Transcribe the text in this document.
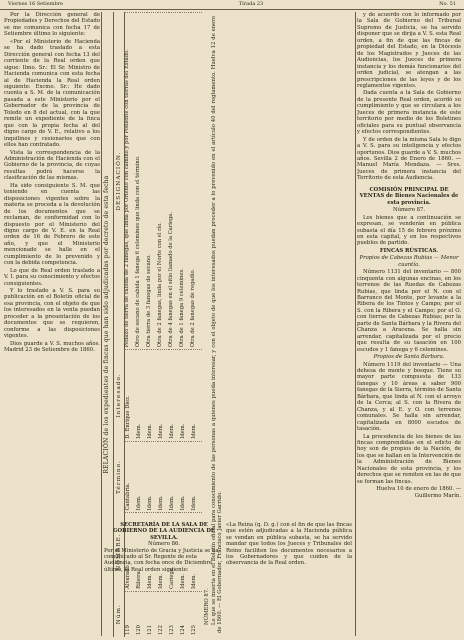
Viernes 16 Setiembre	Tirada 23	No. 51

Por la Dirección general de Propiedades y Derechos del Estado se me comunica con fecha 17 de Setiembre último lo siguiente:

«Por el Ministerio de Hacienda se ha dado traslado a esta Dirección general con fecha 13 del corriente de la Real orden que sigue: Ilmo. Sr.: El Sr. Ministro de Hacienda comunica con esta fecha al de Hacienda la Real orden siguiente: Excmo. Sr.: He dado cuenta a S. M. de la comunicación pasada a este Ministerio por el Gobernador de la provincia de Toledo en 8 del actual, con la que remite un expediente de la finca que con la propia fecha al del digno cargo de V. E., relativo a los inquilinos y cesionarios que con ellos han contratado.

Vista la correspondencia de la Administración de Hacienda con el Gobierno de la provincia, de cuyas resultas podrá hacerse la clasificación de las mismas.

Ha sido consiguiente S. M. que teniendo en cuenta las disposiciones vigentes sobre la materia se proceda a la devolución de los documentos que se reclaman, de conformidad con lo dispuesto por el Ministerio del digno cargo de V. E. en la Real orden de 16 de Febrero de este año, y que el Ministerio mencionado se halle en el cumplimiento de lo prevenido y con la debida competencia.

Lo que de Real orden traslado a V. I. para su conocimiento y efectos consiguientes.

Y lo traslado a V. S. para su publicación en el Boletín oficial de esa provincia, con el objeto de que los interesados en la venta puedan proceder a la presentación de los documentos que se requieren, conforme a las disposiciones vigentes.

Dios guarde a V. S. muchos años. Madrid 23 de Setiembre de 1860.	RELACIÓN de los expedientes de fincas que han sido adjudicadas por decreto de esta fecha
Núm.	NOMBRE.	Término.	Interesado.	DESIGNACIÓN.
119	Alvarado.	Cantabria.	D. Enrique Díez.	Pedazo de tierra de cabida de 2 fanegas, que linda por Oriente con camino y por Poniente con tierras del Estado.
120	Ribera.	Idem.	Idem.	Otro de secano de cabida 1 fanega 6 celemines que linda con el término.
121	Idem.	Idem.	Idem.	Otra tierra de 3 fanegas de secano.
122	Idem.	Idem.	Idem.	Otra de 2 fanegas, linda por el Norte con el río.
123	Cariega.	Idem.	Idem.	Otra de 4 fanegas en el sitio llamado de la Cariega.
124	Idem.	Idem.	Idem.	Otra de 1 fanega 9 celemines.
125	Idem.	Idem.	Idem.	Otra de 2 fanegas de regadío.

NÚMERO 87. Lo que se inserta en el Boletín oficial para conocimiento de las personas a quienes pueda interesar, y con el objeto de que los interesados puedan proceder a lo prevenido en el artículo 40 del reglamento. Huelva 12 de enero de 1860. — El Gobernador, Francisco Javier Garrido.

SECRETARÍA DE LA SALA DE GOBIERNO DE LA AUDIENCIA DE SEVILLA.

Número 86.

Por el Ministerio de Gracia y Justicia se ha comunicado al Sr. Regente de esta Audiencia, con fecha once de Diciembre último, la Real orden siguiente:

«La Reina (q. D. g.) con el fin de que las fincas que estén adjudicadas a la Hacienda pública se vendan en pública subasta, se ha servido mandar que todos los Jueces y Tribunales del Reino faciliten los documentos necesarios a los Gobernadores y que cuiden de la observancia de la Real orden.

y de acuerdo con lo informado por la Sala de Gobierno del Tribunal Supremo de Justicia, se ha servido disponer que se dirija a V. S. esta Real orden, a fin de que las fincas de propiedad del Estado, en la Diócesis de los Magistrados y Jueces de las Audiencias, los Jueces de primera instancia y los demás funcionarios del orden judicial, se atengan a las prescripciones de las leyes y de los reglamentos vigentes.

Dada cuenta a la Sala de Gobierno de la presente Real orden, acordó su cumplimiento y que se circulara a los Jueces de primera instancia de este territorio por medio de los Boletines oficiales para su puntual observancia y efectos correspondientes.

Y de orden de la misma Sala lo digo a V. S. para su inteligencia y efectos oportunos. Dios guarde a V. S. muchos años. Sevilla 2 de Enero de 1860. — Manuel María Mendaza. — Sres. Jueces de primera instancia del Territorio de esta Audiencia.

COMISIÓN PRINCIPAL DE VENTAS de Bienes Nacionales de esta provincia.

Número 87.

Los bienes que a continuación se expresan, se venderán en pública subasta el día 15 de febrero próximo en esta capital, y en los respectivos pueblos de partido.

FINCAS RÚSTICAS.

Propios de Cabezas Rubias — Menor cuantía.

Número 1131 del inventario — 800 cinquenta con algunas encinas, en los terrenos de las Ruedas de Cabezas Rubias, que linda por el N. con el Barranco del Monte, por levante a la Ribera de los Tintos y Campo; por el S. con la Ribera y el Campo; por el O. con tierras de Cabezas Rubias; por la parte de Santa Bárbara y la Rivera del Chanza a Aracena. Se halla sin arrendar, capitalizada por el precio que resulta de su tasación en 100 escudos y 1 fanega y 6 celemines.

Propios de Santa Bárbara.

Número 1119 del inventario — Una dehesa de monte y bosque. Tiene su mayor parte compuesta de 133 fanegas y 10 áreas a saber 900 fanegas de la Sierra, término de Santa Bárbara, que linda al N. con el arroyo de la Cerca; al S. con la Rivera de Chanza, y al E. y O. con terrenos comunales. Se halla sin arrendar, capitalizada en 8000 escudos de tasación.

La procedencia de los bienes de las fincas comprendidas en el edicto de hoy son de propios de la Nación, de los que se hallan en la Intervención de la Administración de Bienes Nacionales de esta provincia, y los derechos que se remiten en las de que se forman las fincas.

Huelva 10 de enero de 1860. — Guillermo Marín.
